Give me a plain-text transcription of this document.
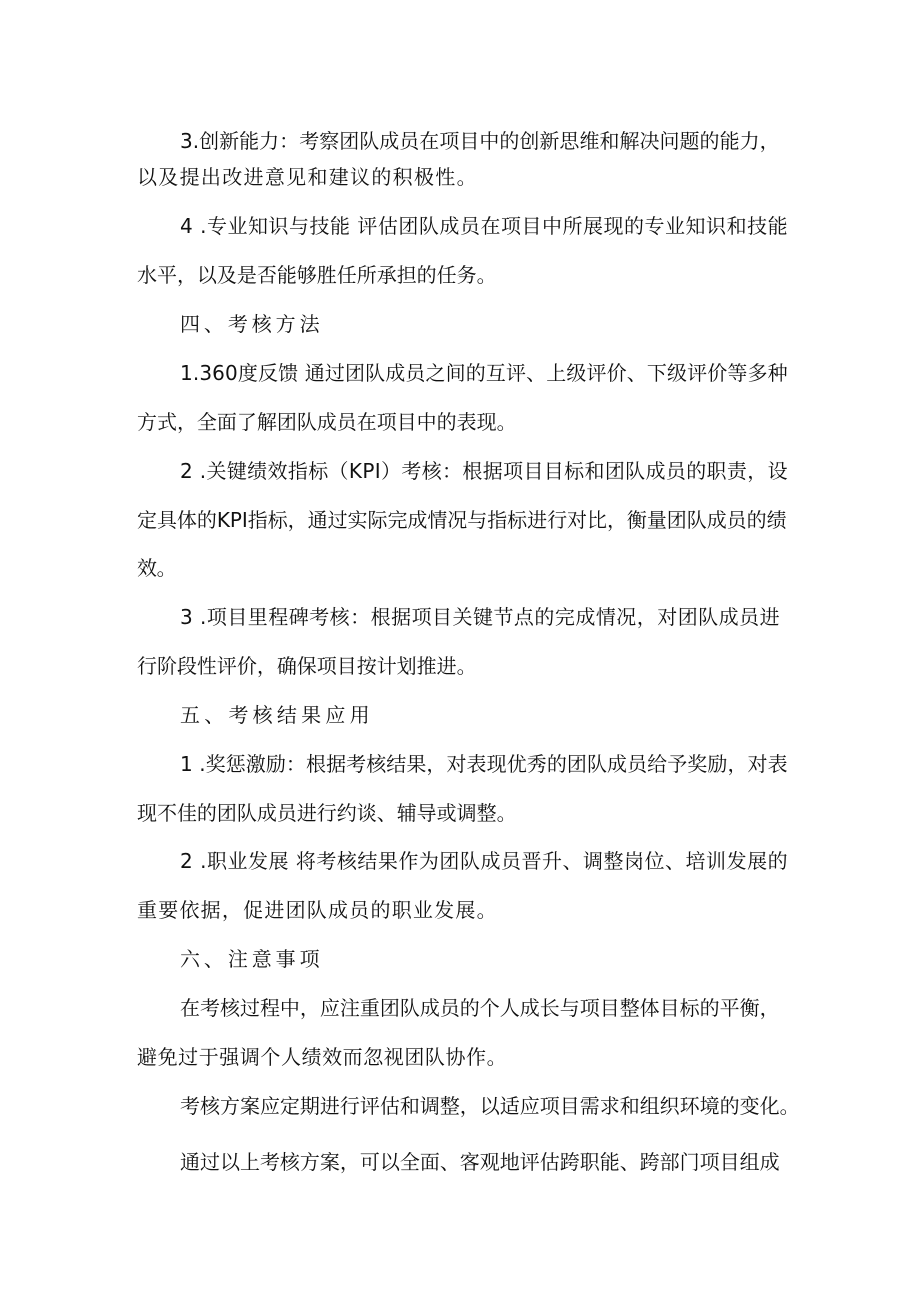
3.创新能力：考察团队成员在项目中的创新思维和解决问题的能力，

以及提出改进意见和建议的积极性。

4 .专业知识与技能 评估团队成员在项目中所展现的专业知识和技能

水平，以及是否能够胜任所承担的任务。

四、考核方法

1.360度反馈 通过团队成员之间的互评、上级评价、下级评价等多种

方式，全面了解团队成员在项目中的表现。

2 .关键绩效指标（KPI）考核：根据项目目标和团队成员的职责，设

定具体的KPI指标，通过实际完成情况与指标进行对比，衡量团队成员的绩

效。

3 .项目里程碑考核：根据项目关键节点的完成情况，对团队成员进

行阶段性评价，确保项目按计划推进。

五、考核结果应用

1 .奖惩激励：根据考核结果，对表现优秀的团队成员给予奖励，对表

现不佳的团队成员进行约谈、辅导或调整。

2 .职业发展 将考核结果作为团队成员晋升、调整岗位、培训发展的

重要依据，促进团队成员的职业发展。

六、注意事项

在考核过程中，应注重团队成员的个人成长与项目整体目标的平衡，

避免过于强调个人绩效而忽视团队协作。

考核方案应定期进行评估和调整，以适应项目需求和组织环境的变化。

通过以上考核方案，可以全面、客观地评估跨职能、跨部门项目组成
